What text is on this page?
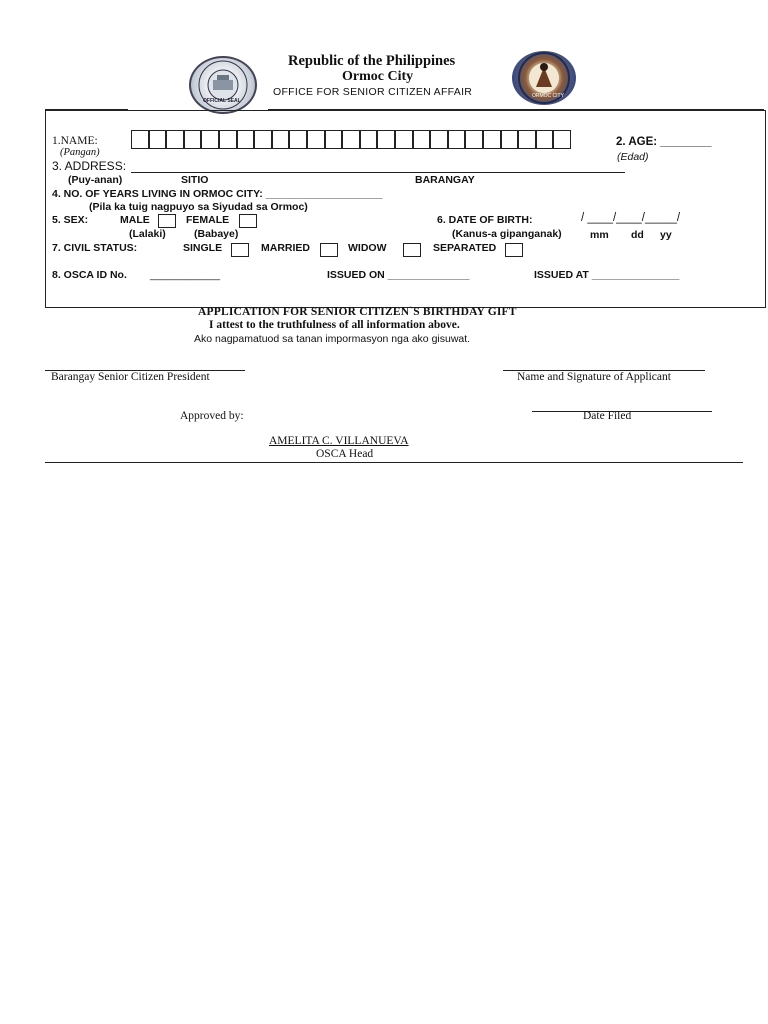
OFFICIAL SEAL
ORMOC CITY
Republic of the Philippines
Ormoc City
OFFICE FOR SENIOR CITIZEN AFFAIR
1.NAME:
(Pangan)
2. AGE: ________
(Edad)
3. ADDRESS:
(Puy-anan)	SITIO	BARANGAY
4. NO. OF YEARS LIVING IN ORMOC CITY: ____________________
(Pila ka tuig nagpuyo sa Siyudad sa Ormoc)
5. SEX:	MALE	FEMALE
(Lalaki)	(Babaye)
6. DATE OF BIRTH:	/ ____/____/_____/
(Kanus-a gipanganak)	mm dd yy
7. CIVIL STATUS:	SINGLE	MARRIED	WIDOW	SEPARATED
8. OSCA ID No. ____________	ISSUED ON ______________	ISSUED AT _______________
APPLICATION FOR SENIOR CITIZEN`S BIRTHDAY GIFT
I attest to the truthfulness of all information above.
Ako nagpamatuod sa tanan impormasyon nga ako gisuwat.
Barangay Senior Citizen President	Name and Signature of Applicant
Approved by:	Date Filed
AMELITA C. VILLANUEVA
OSCA Head
